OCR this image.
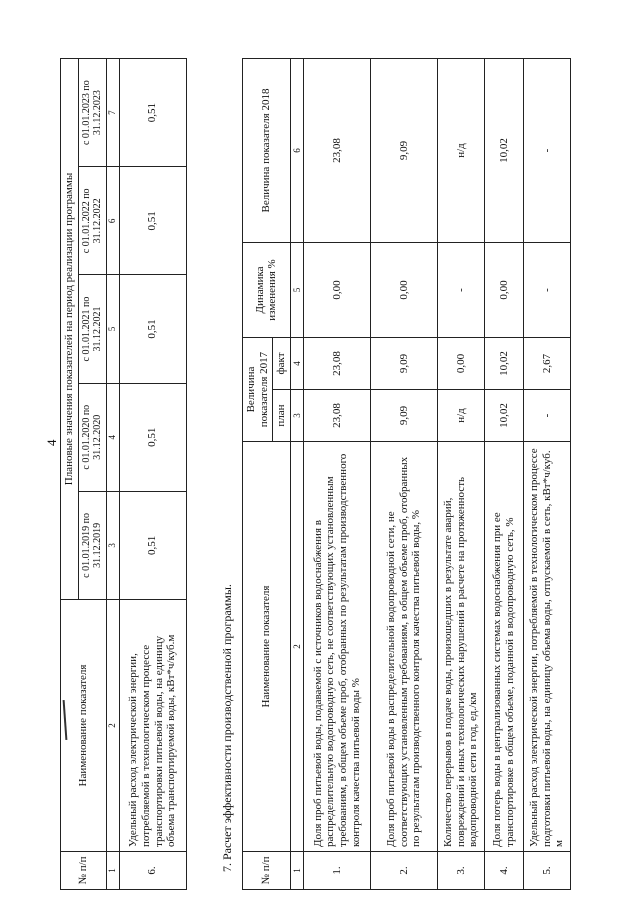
4
№ п/п	Наименование показателя	Плановые значения показателей на период реализации программы				
		с 01.01.2019 по 31.12.2019	с 01.01.2020 по 31.12.2020	с 01.01.2021 по 31.12.2021	с 01.01.2022 по 31.12.2022	с 01.01.2023 по 31.12.2023
1	2	3	4	5	6	7
6.	Удельный расход электрической энергии, потребляемой в технологическом процессе транспортировки питьевой воды, на единицу объема транспортируемой воды, кВт*ч/куб.м	0,51	0,51	0,51	0,51	0,51
7. Расчет эффективности производственной программы. № п/п	Наименование показателя	Величина показателя 2017		Динамика изменения %	Величина показателя 2018
		план	факт		
1	2	3	4	5	6
1.	Доля проб питьевой воды, подаваемой с источников водоснабжения в распределительную водопроводную сеть, не соответствующих установленным требованиям, в общем объеме проб, отобранных по результатам производственного контроля качества питьевой воды %	23,08	23,08	0,00	23,08
2.	Доля проб питьевой воды в распределительной водопроводной сети, не соответствующих установленным требованиям, в общем объеме проб, отобранных по результатам производственного контроля качества питьевой воды, %	9,09	9,09	0,00	9,09
3.	Количество перерывов в подаче воды, произошедших в результате аварий, повреждений и иных технологических нарушений в расчете на протяженность водопроводной сети в год, ед./км	н/д	0,00	-	н/д
4.	Доля потерь воды в централизованных системах водоснабжения при ее транспортировке в общем объеме, поданной в водопроводную сеть, %	10,02	10,02	0,00	10,02
5.	Удельный расход электрической энергии, потребляемой в технологическом процессе подготовки питьевой воды, на единицу объема воды, отпускаемой в сеть, кВт*ч/куб. м	-	2,67	-	-
